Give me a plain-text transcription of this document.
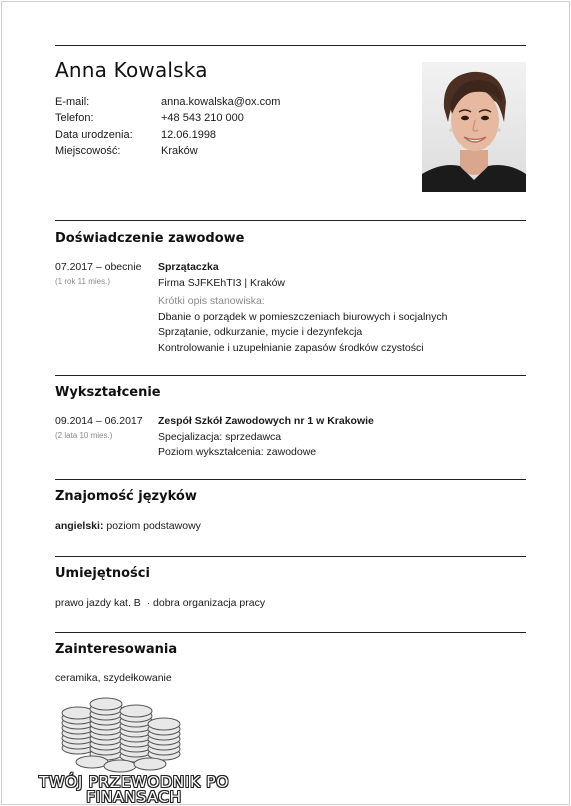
Anna Kowalska
E-mail:	anna.kowalska@ox.com
Telefon:	+48 543 210 000
Data urodzenia:	12.06.1998
Miejscowość:	Kraków
Doświadczenie zawodowe
07.2017 – obecnie
(1 rok 11 mies.)
Sprzątaczka
Firma SJFKEhTI3 | Kraków
Krótki opis stanowiska:
Dbanie o porządek w pomieszczeniach biurowych i socjalnych
Sprzątanie, odkurzanie, mycie i dezynfekcja
Kontrolowanie i uzupełnianie zapasów środków czystości
Wykształcenie
09.2014 – 06.2017
(2 lata 10 mies.)
Zespół Szkół Zawodowych nr 1 w Krakowie
Specjalizacja: sprzedawca
Poziom wykształcenia: zawodowe
Znajomość języków
angielski: poziom podstawowy
Umiejętności
prawo jazdy kat. B  · dobra organizacja pracy
Zainteresowania
ceramika, szydełkowanie
TWÓJ PRZEWODNIK PO
FINANSACH
